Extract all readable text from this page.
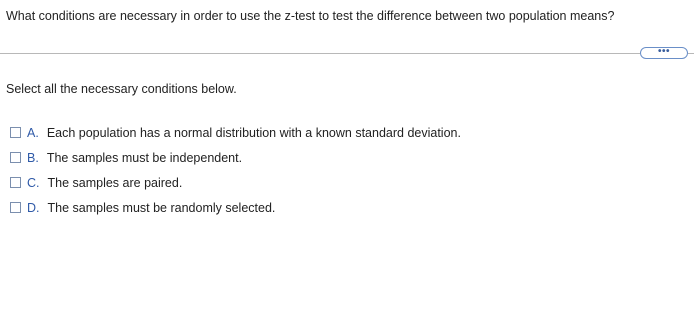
What conditions are necessary in order to use the z-test to test the difference between two population means?
•••
Select all the necessary conditions below.
A. Each population has a normal distribution with a known standard deviation.
B. The samples must be independent.
C. The samples are paired.
D. The samples must be randomly selected.
